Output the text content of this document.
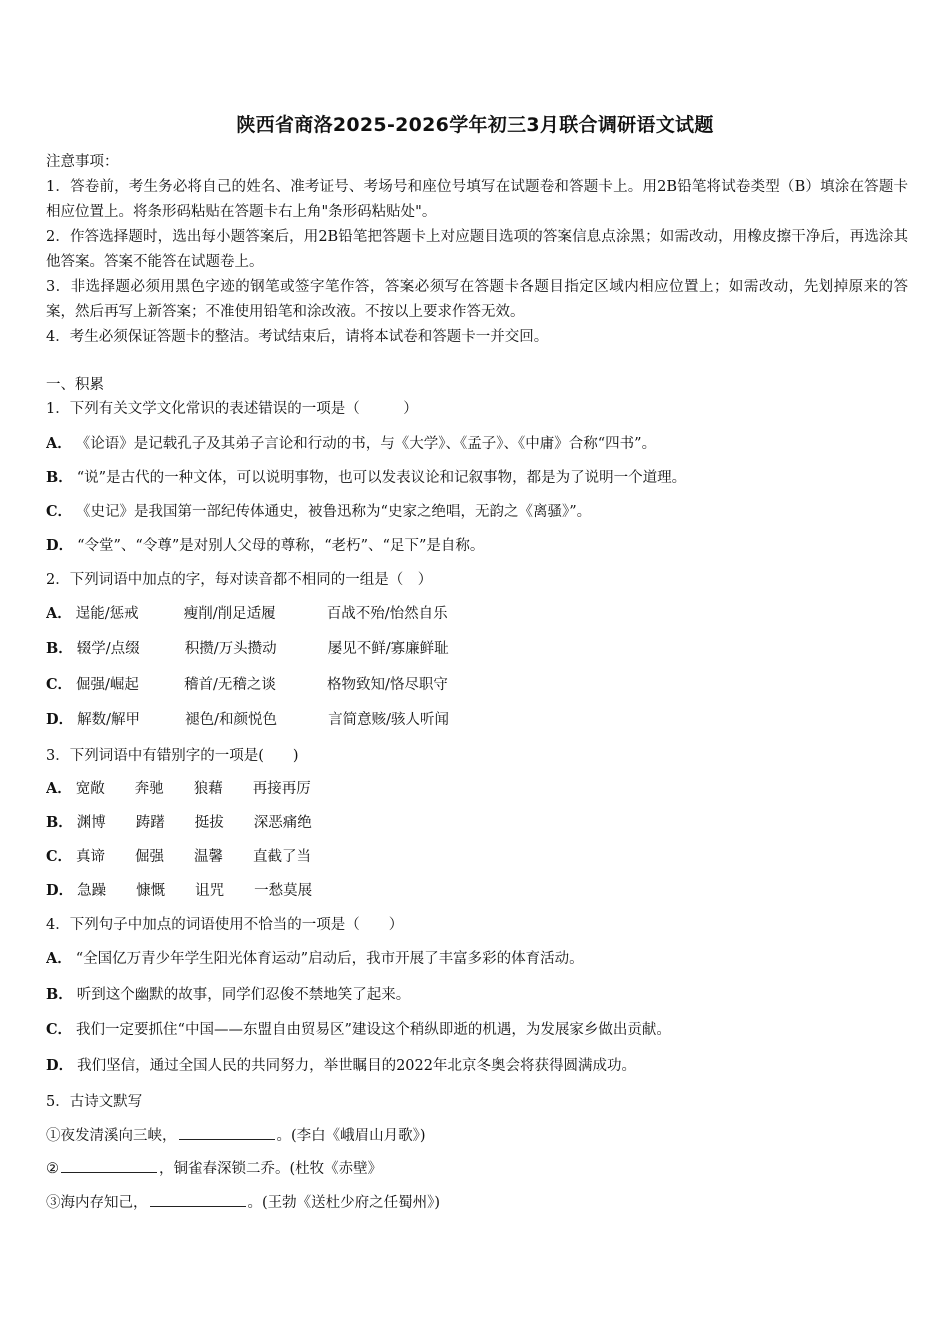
陕西省商洛2025-2026学年初三3月联合调研语文试题

注意事项：

1．答卷前，考生务必将自己的姓名、准考证号、考场号和座位号填写在试题卷和答题卡上。用2B铅笔将试卷类型（B）填涂在答题卡相应位置上。将条形码粘贴在答题卡右上角"条形码粘贴处"。

2．作答选择题时，选出每小题答案后，用2B铅笔把答题卡上对应题目选项的答案信息点涂黑；如需改动，用橡皮擦干净后，再选涂其他答案。答案不能答在试题卷上。

3．非选择题必须用黑色字迹的钢笔或签字笔作答，答案必须写在答题卡各题目指定区域内相应位置上；如需改动，先划掉原来的答案，然后再写上新答案；不准使用铅笔和涂改液。不按以上要求作答无效。

4．考生必须保证答题卡的整洁。考试结束后，请将本试卷和答题卡一并交回。

一、积累
1．下列有关文学文化常识的表述错误的一项是（　　　）
A． 《论语》是记载孔子及其弟子言论和行动的书，与《大学》、《孟子》、《中庸》合称“四书”。
B． “说”是古代的一种文体，可以说明事物，也可以发表议论和记叙事物，都是为了说明一个道理。
C． 《史记》是我国第一部纪传体通史，被鲁迅称为“史家之绝唱，无韵之《离骚》”。
D． “令堂”、“令尊”是对别人父母的尊称，“老朽”、“足下”是自称。
2．下列词语中加点的字，每对读音都不相同的一组是（　）
A． 逞能/惩戒	瘦削/削足适履	百战不殆/怡然自乐
B． 辍学/点缀	积攒/万头攒动	屡见不鲜/寡廉鲜耻
C． 倔强/崛起	稽首/无稽之谈	格物致知/恪尽职守
D． 解数/解甲	褪色/和颜悦色	言简意赅/骇人听闻
3．下列词语中有错别字的一项是(　　)
A． 宽敞 奔驰 狼藉 再接再厉
B． 渊博 踌躇 挺拔 深恶痛绝
C． 真谛 倔强 温馨 直截了当
D． 急躁 慷慨 诅咒 一愁莫展
4．下列句子中加点的词语使用不恰当的一项是（　　）
A． “全国亿万青少年学生阳光体育运动”启动后，我市开展了丰富多彩的体育活动。
B． 听到这个幽默的故事，同学们忍俊不禁地笑了起来。
C． 我们一定要抓住“中国——东盟自由贸易区”建设这个稍纵即逝的机遇，为发展家乡做出贡献。
D． 我们坚信，通过全国人民的共同努力，举世瞩目的2022年北京冬奥会将获得圆满成功。
5．古诗文默写
①夜发清溪向三峡，	。(李白《峨眉山月歌》)
②	，铜雀春深锁二乔。(杜牧《赤壁》
③海内存知己，	。(王勃《送杜少府之任蜀州》)
